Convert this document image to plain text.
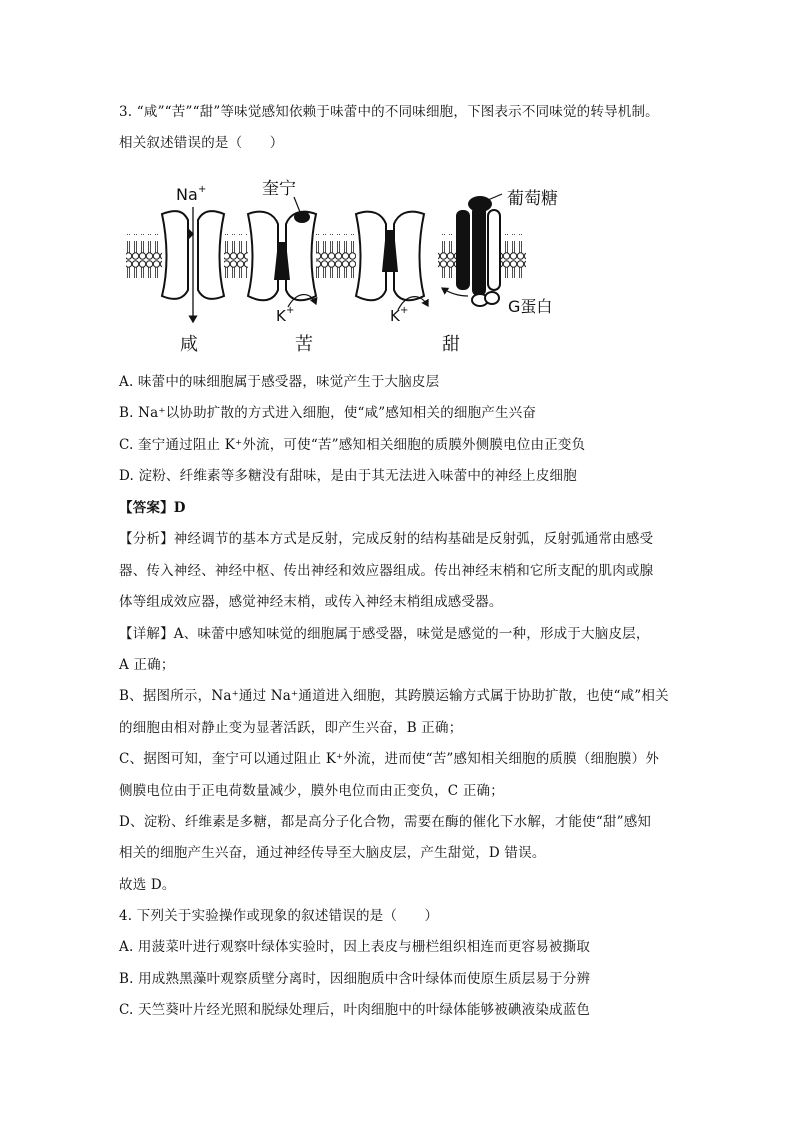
3. “咸”“苦”“甜”等味觉感知依赖于味蕾中的不同味细胞，下图表示不同味觉的转导机制。
相关叙述错误的是（　　）
Na +	奎宁	葡萄糖
K +	K +	G蛋白
咸	苦	甜
A. 味蕾中的味细胞属于感受器，味觉产生于大脑皮层
B. Na⁺以协助扩散的方式进入细胞，使“咸”感知相关的细胞产生兴奋
C. 奎宁通过阻止 K⁺外流，可使“苦”感知相关细胞的质膜外侧膜电位由正变负
D. 淀粉、纤维素等多糖没有甜味，是由于其无法进入味蕾中的神经上皮细胞
【答案】D
【分析】神经调节的基本方式是反射，完成反射的结构基础是反射弧，反射弧通常由感受
器、传入神经、神经中枢、传出神经和效应器组成。传出神经末梢和它所支配的肌肉或腺
体等组成效应器，感觉神经末梢，或传入神经末梢组成感受器。
【详解】A、味蕾中感知味觉的细胞属于感受器，味觉是感觉的一种，形成于大脑皮层，
A 正确；
B、据图所示，Na⁺通过 Na⁺通道进入细胞，其跨膜运输方式属于协助扩散，也使“咸”相关
的细胞由相对静止变为显著活跃，即产生兴奋，B 正确；
C、据图可知，奎宁可以通过阻止 K⁺外流，进而使“苦”感知相关细胞的质膜（细胞膜）外
侧膜电位由于正电荷数量减少，膜外电位而由正变负，C 正确；
D、淀粉、纤维素是多糖，都是高分子化合物，需要在酶的催化下水解，才能使“甜”感知
相关的细胞产生兴奋，通过神经传导至大脑皮层，产生甜觉，D 错误。
故选 D。
4. 下列关于实验操作或现象的叙述错误的是（　　）
A. 用菠菜叶进行观察叶绿体实验时，因上表皮与栅栏组织相连而更容易被撕取
B. 用成熟黑藻叶观察质壁分离时，因细胞质中含叶绿体而使原生质层易于分辨
C. 天竺葵叶片经光照和脱绿处理后，叶肉细胞中的叶绿体能够被碘液染成蓝色
